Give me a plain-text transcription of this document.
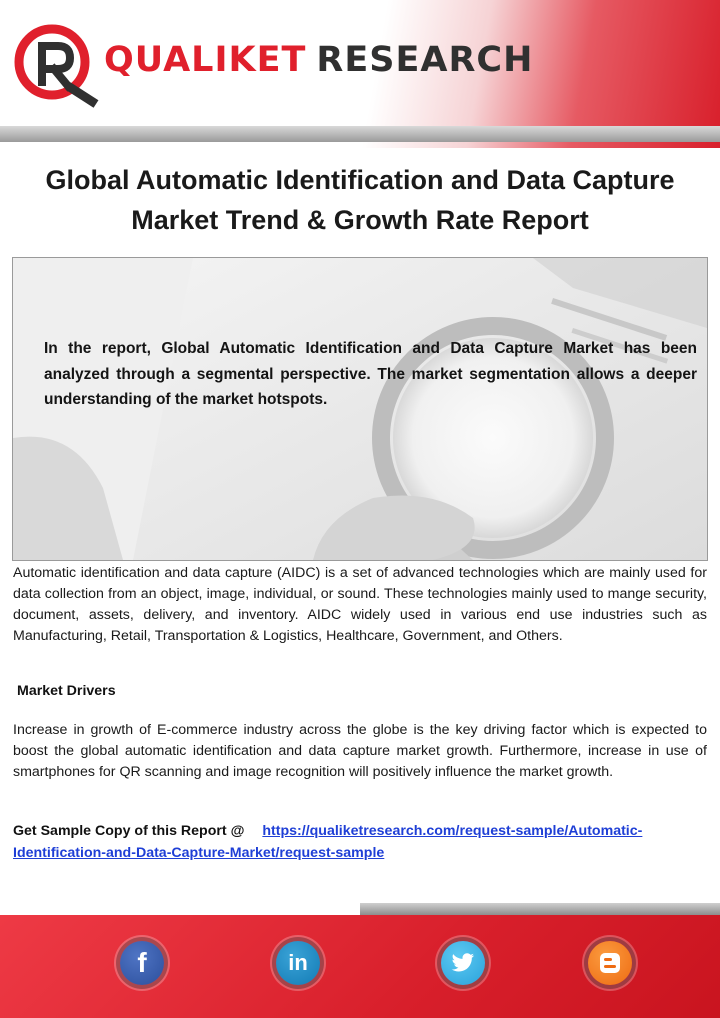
QUALIKET RESEARCH
Global Automatic Identification and Data Capture Market Trend & Growth Rate Report
In the report, Global Automatic Identification and Data Capture Market has been analyzed through a segmental perspective. The market segmentation allows a deeper understanding of the market hotspots.
Automatic identification and data capture (AIDC) is a set of advanced technologies which are mainly used for data collection from an object, image, individual, or sound. These technologies mainly used to mange security, document, assets, delivery, and inventory. AIDC widely used in various end use industries such as Manufacturing, Retail, Transportation & Logistics, Healthcare, Government, and Others.
Market Drivers
Increase in growth of E-commerce industry across the globe is the key driving factor which is expected to boost the global automatic identification and data capture market growth. Furthermore, increase in use of smartphones for QR scanning and image recognition will positively influence the market growth.
Get Sample Copy of this Report @ https://qualiketresearch.com/request-sample/Automatic-Identification-and-Data-Capture-Market/request-sample
f	in
